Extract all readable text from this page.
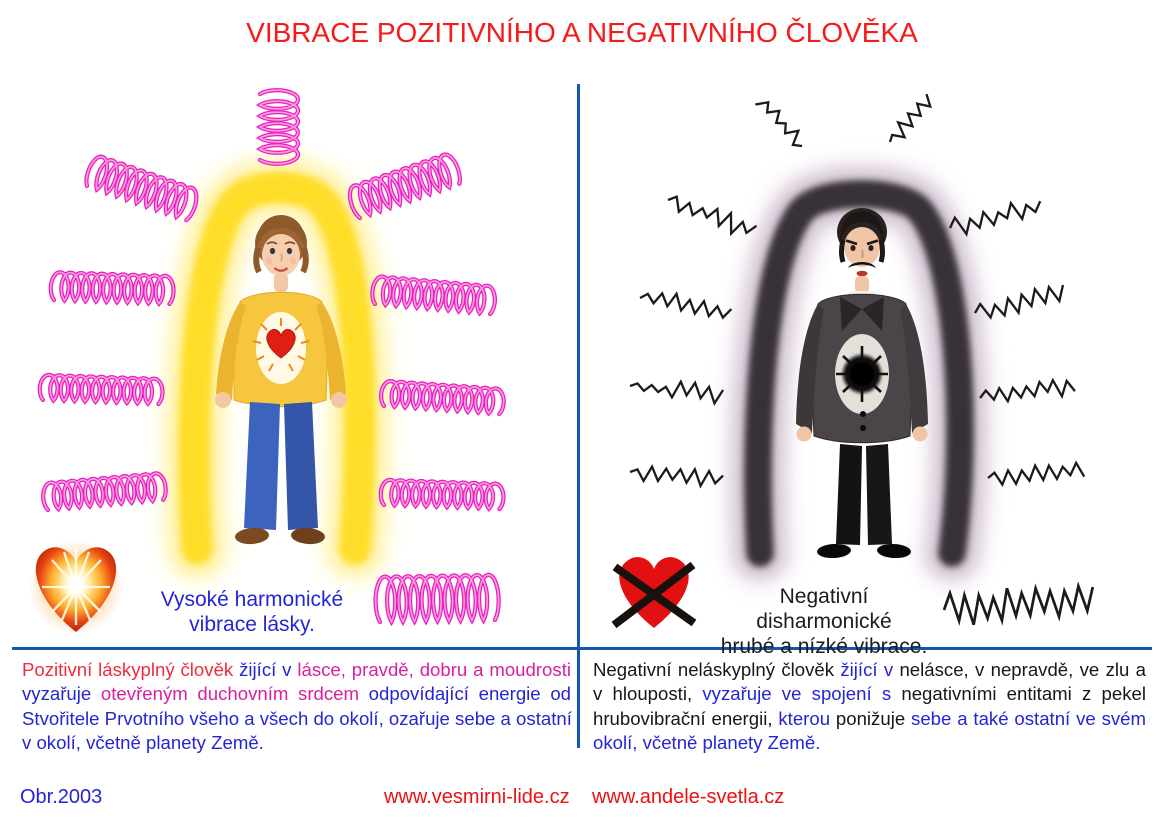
VIBRACE POZITIVNÍHO A NEGATIVNÍHO ČLOVĚKA
Vysoké harmonické
vibrace lásky.
Negativní disharmonické
hrubé a nízké vibrace.
Pozitivní láskyplný člověk žijící v lásce, pravdě, dobru a moudrosti
vyzařuje otevřeným duchovním srdcem odpovídající energie od
Stvořitele Prvotního všeho a všech do okolí, ozařuje sebe a ostatní
v okolí, včetně planety Země.
Negativní neláskyplný člověk žijící v nelásce, v nepravdě, ve zlu a
v hlouposti, vyzařuje ve spojení s negativními entitami z pekel
hrubovibrační energii, kterou ponižuje sebe a také ostatní ve svém
okolí, včetně planety Země.
Obr.2003	www.vesmirni-lide.cz www.andele-svetla.cz
